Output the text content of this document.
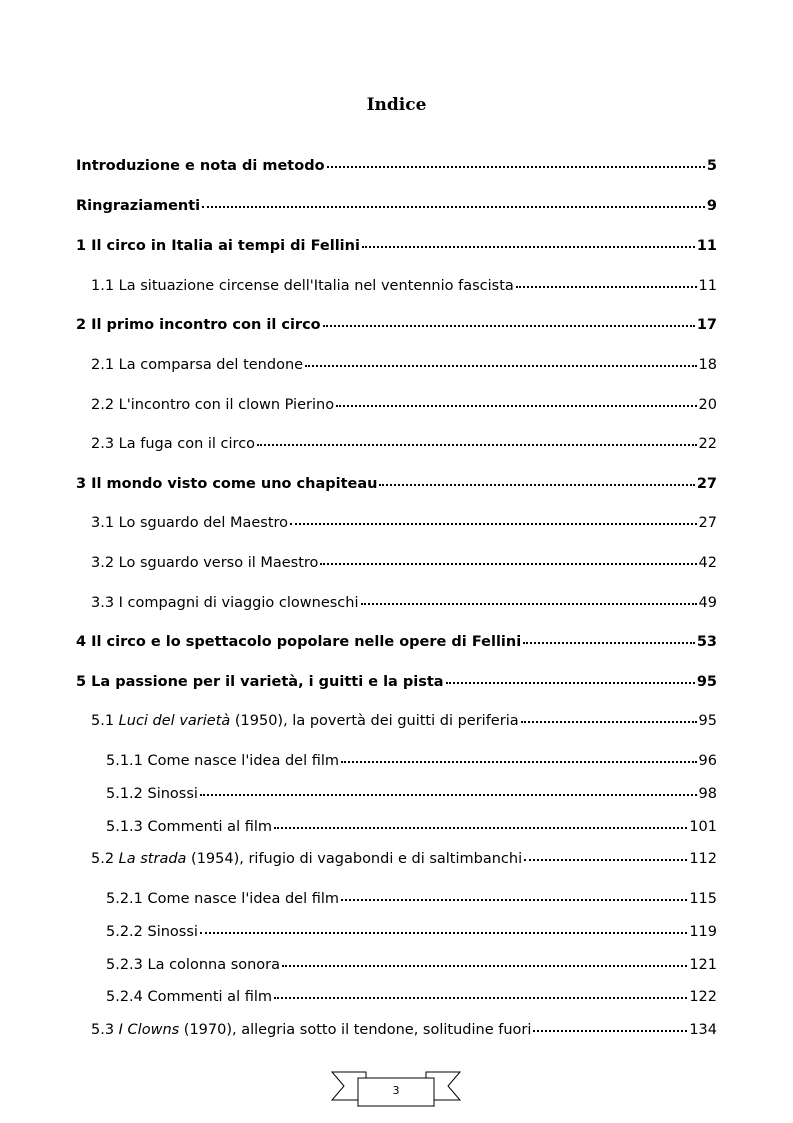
Indice
Introduzione e nota di metodo	5
Ringraziamenti	9
1 Il circo in Italia ai tempi di Fellini	11
1.1 La situazione circense dell'Italia nel ventennio fascista	11
2 Il primo incontro con il circo	17
2.1 La comparsa del tendone	18
2.2 L'incontro con il clown Pierino	20
2.3 La fuga con il circo	22
3 Il mondo visto come uno chapiteau	27
3.1 Lo sguardo del Maestro	27
3.2 Lo sguardo verso il Maestro	42
3.3 I compagni di viaggio clowneschi	49
4 Il circo e lo spettacolo popolare nelle opere di Fellini	53
5 La passione per il varietà, i guitti e la pista	95
5.1 Luci del varietà (1950), la povertà dei guitti di periferia	95
5.1.1 Come nasce l'idea del film	96
5.1.2 Sinossi	98
5.1.3 Commenti al film	101
5.2 La strada (1954), rifugio di vagabondi e di saltimbanchi	112
5.2.1 Come nasce l'idea del film	115
5.2.2 Sinossi	119
5.2.3 La colonna sonora	121
5.2.4 Commenti al film	122
5.3 I Clowns (1970), allegria sotto il tendone, solitudine fuori	134
3
